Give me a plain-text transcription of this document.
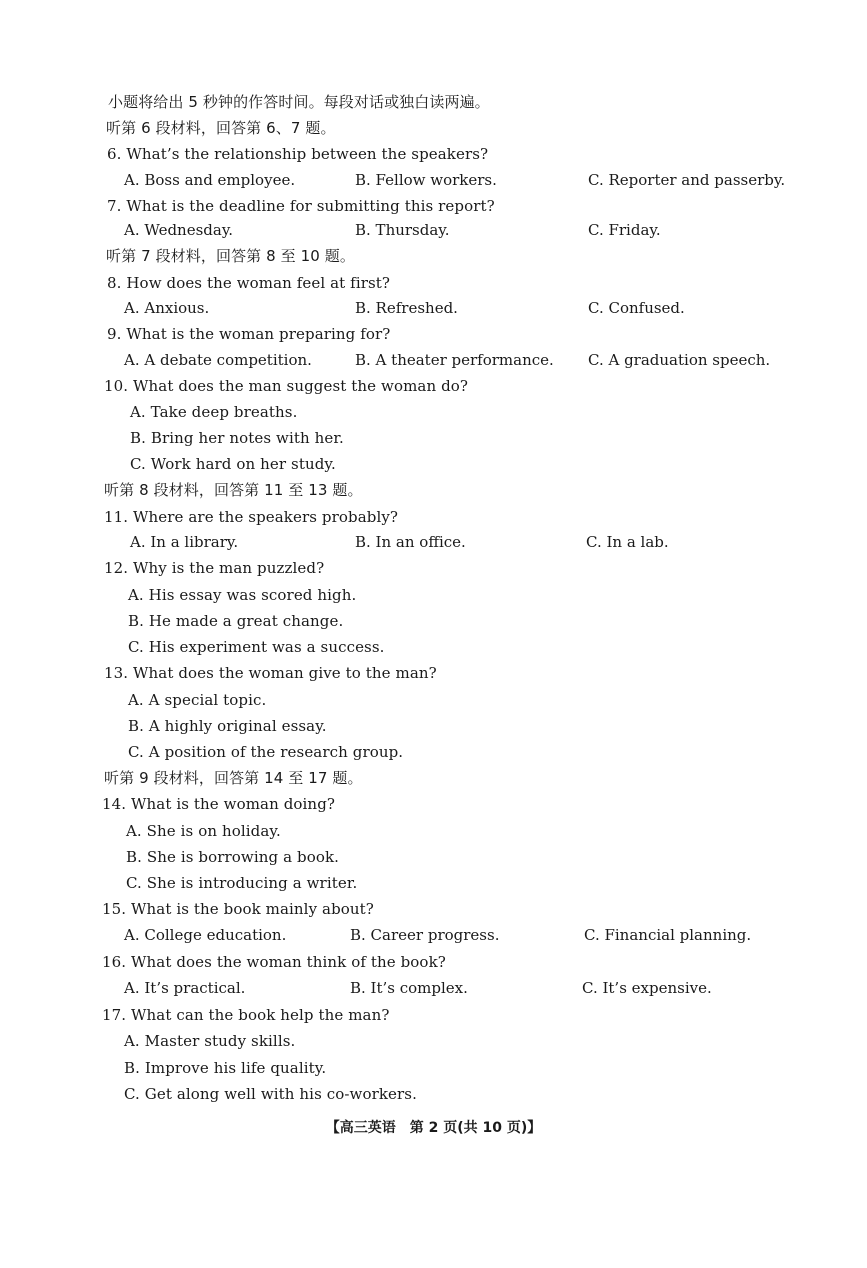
小题将给出 5 秒钟的作答时间。每段对话或独白读两遍。
听第 6 段材料，回答第 6、7 题。
6. What’s the relationship between the speakers?
A. Boss and employee.	B. Fellow workers.	C. Reporter and passerby.
7. What is the deadline for submitting this report?
A. Wednesday.	B. Thursday.	C. Friday.
听第 7 段材料，回答第 8 至 10 题。
8. How does the woman feel at first?
A. Anxious.	B. Refreshed.	C. Confused.
9. What is the woman preparing for?
A. A debate competition.	B. A theater performance. C. A graduation speech.
10. What does the man suggest the woman do?
A. Take deep breaths.
B. Bring her notes with her.
C. Work hard on her study.
听第 8 段材料，回答第 11 至 13 题。
11. Where are the speakers probably?
A. In a library.	B. In an office.	C. In a lab.
12. Why is the man puzzled?
A. His essay was scored high.
B. He made a great change.
C. His experiment was a success.
13. What does the woman give to the man?
A. A special topic.
B. A highly original essay.
C. A position of the research group.
听第 9 段材料，回答第 14 至 17 题。
14. What is the woman doing?
A. She is on holiday.
B. She is borrowing a book.
C. She is introducing a writer.
15. What is the book mainly about?
A. College education.	B. Career progress.	C. Financial planning.
16. What does the woman think of the book?
A. It’s practical.	B. It’s complex.	C. It’s expensive.
17. What can the book help the man?
A. Master study skills.
B. Improve his life quality.
C. Get along well with his co-workers.
【高三英语　第 2 页(共 10 页)】
